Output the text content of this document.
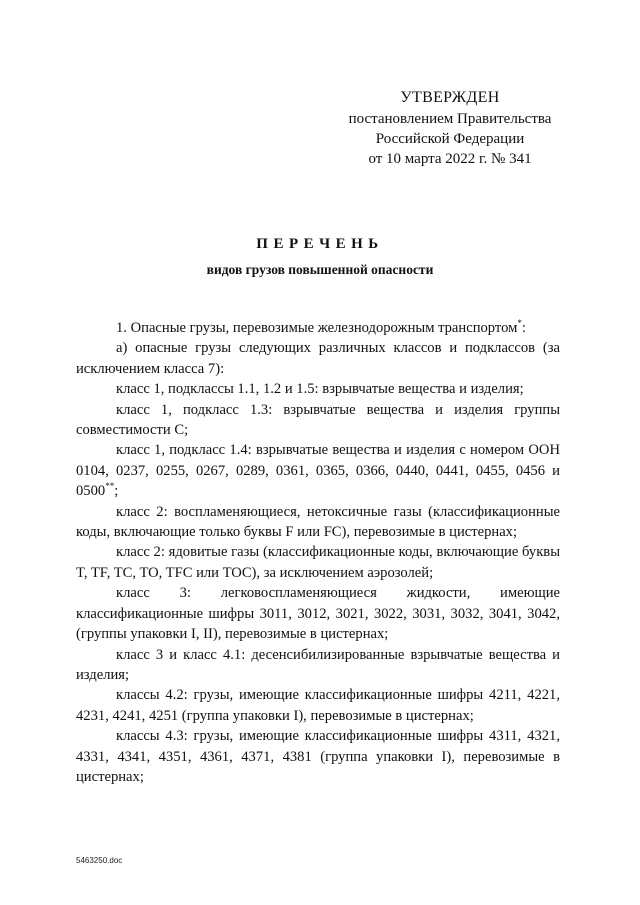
УТВЕРЖДЕН
постановлением Правительства
Российской Федерации
от 10 марта 2022 г. № 341
ПЕРЕЧЕНЬ
видов грузов повышенной опасности

1. Опасные грузы, перевозимые железнодорожным транспортом*:

а) опасные грузы следующих различных классов и подклассов (за исключением класса 7):

класс 1, подклассы 1.1, 1.2 и 1.5: взрывчатые вещества и изделия;

класс 1, подкласс 1.3: взрывчатые вещества и изделия группы совместимости С;

класс 1, подкласс 1.4: взрывчатые вещества и изделия с номером ООН 0104, 0237, 0255, 0267, 0289, 0361, 0365, 0366, 0440, 0441, 0455, 0456 и 0500**;

класс 2: воспламеняющиеся, нетоксичные газы (классификационные коды, включающие только буквы F или FC), перевозимые в цистернах;

класс 2: ядовитые газы (классификационные коды, включающие буквы T, TF, TC, TO, TFC или TOC), за исключением аэрозолей;

класс 3: легковоспламеняющиеся жидкости, имеющие классификационные шифры 3011, 3012, 3021, 3022, 3031, 3032, 3041, 3042, (группы упаковки I, II), перевозимые в цистернах;

класс 3 и класс 4.1: десенсибилизированные взрывчатые вещества и изделия;

классы 4.2: грузы, имеющие классификационные шифры 4211, 4221, 4231, 4241, 4251 (группа упаковки I), перевозимые в цистернах;

классы 4.3: грузы, имеющие классификационные шифры 4311, 4321, 4331, 4341, 4351, 4361, 4371, 4381 (группа упаковки I), перевозимые в цистернах;

5463250.doc
